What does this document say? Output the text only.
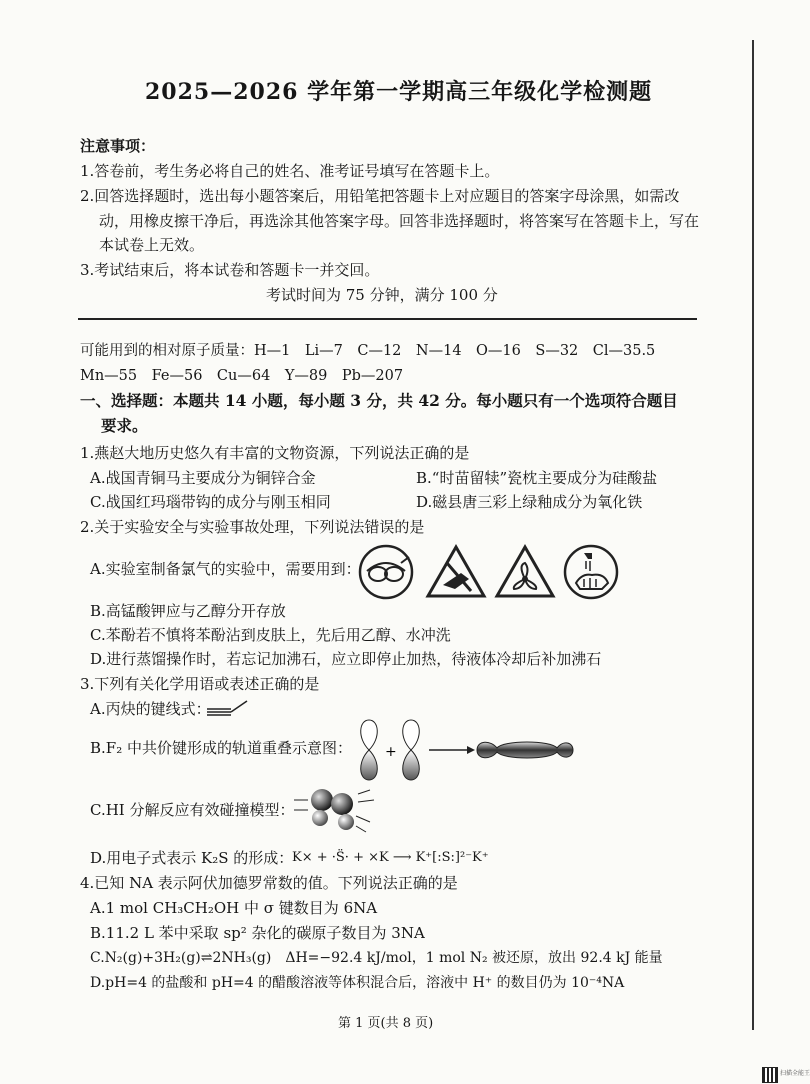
2025—2026 学年第一学期高三年级化学检测题
注意事项：
1.答卷前，考生务必将自己的姓名、准考证号填写在答题卡上。
2.回答选择题时，选出每小题答案后，用铅笔把答题卡上对应题目的答案字母涂黑，如需改
动，用橡皮擦干净后，再选涂其他答案字母。回答非选择题时，将答案写在答题卡上，写在
本试卷上无效。
3.考试结束后，将本试卷和答题卡一并交回。
考试时间为 75 分钟，满分 100 分
可能用到的相对原子质量：H—1　Li—7　C—12　N—14　O—16　S—32　Cl—35.5
Mn—55　Fe—56　Cu—64　Y—89　Pb—207
一、选择题：本题共 14 小题，每小题 3 分，共 42 分。每小题只有一个选项符合题目
要求。
1.燕赵大地历史悠久有丰富的文物资源，下列说法正确的是
A.战国青铜马主要成分为铜锌合金	B.“时苗留犊”瓷枕主要成分为硅酸盐
C.战国红玛瑙带钩的成分与刚玉相同	D.磁县唐三彩上绿釉成分为氧化铁
2.关于实验安全与实验事故处理，下列说法错误的是
A.实验室制备氯气的实验中，需要用到：
B.高锰酸钾应与乙醇分开存放
C.苯酚若不慎将苯酚沾到皮肤上，先后用乙醇、水冲洗
D.进行蒸馏操作时，若忘记加沸石，应立即停止加热，待液体冷却后补加沸石
3.下列有关化学用语或表述正确的是
A.丙炔的键线式：
B.F₂ 中共价键形成的轨道重叠示意图： +
C.HI 分解反应有效碰撞模型：
D.用电子式表示 K₂S 的形成：
K× + ·S̈· + ×K ⟶ K⁺[:S:]²⁻K⁺
4.已知 NA 表示阿伏加德罗常数的值。下列说法正确的是
A.1 mol CH₃CH₂OH 中 σ 键数目为 6NA
B.11.2 L 苯中采取 sp² 杂化的碳原子数目为 3NA
C.N₂(g)+3H₂(g)⇌2NH₃(g)　ΔH=−92.4 kJ/mol，1 mol N₂ 被还原，放出 92.4 kJ 能量
D.pH=4 的盐酸和 pH=4 的醋酸溶液等体积混合后，溶液中 H⁺ 的数目仍为 10⁻⁴NA
第 1 页(共 8 页)
扫描全能王
